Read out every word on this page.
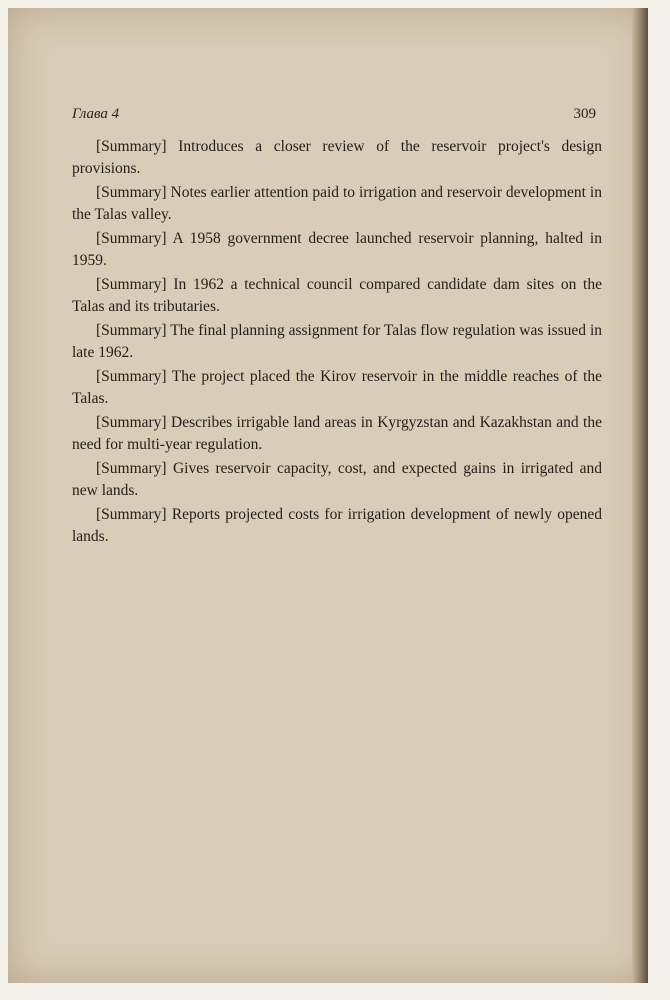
Глава 4	309

[Summary] Introduces a closer review of the reservoir project's design provisions.

[Summary] Notes earlier attention paid to irrigation and reservoir development in the Talas valley.

[Summary] A 1958 government decree launched reservoir planning, halted in 1959.

[Summary] In 1962 a technical council compared candidate dam sites on the Talas and its tributaries.

[Summary] The final planning assignment for Talas flow regulation was issued in late 1962.

[Summary] The project placed the Kirov reservoir in the middle reaches of the Talas.

[Summary] Describes irrigable land areas in Kyrgyzstan and Kazakhstan and the need for multi-year regulation.

[Summary] Gives reservoir capacity, cost, and expected gains in irrigated and new lands.

[Summary] Reports projected costs for irrigation development of newly opened lands.
